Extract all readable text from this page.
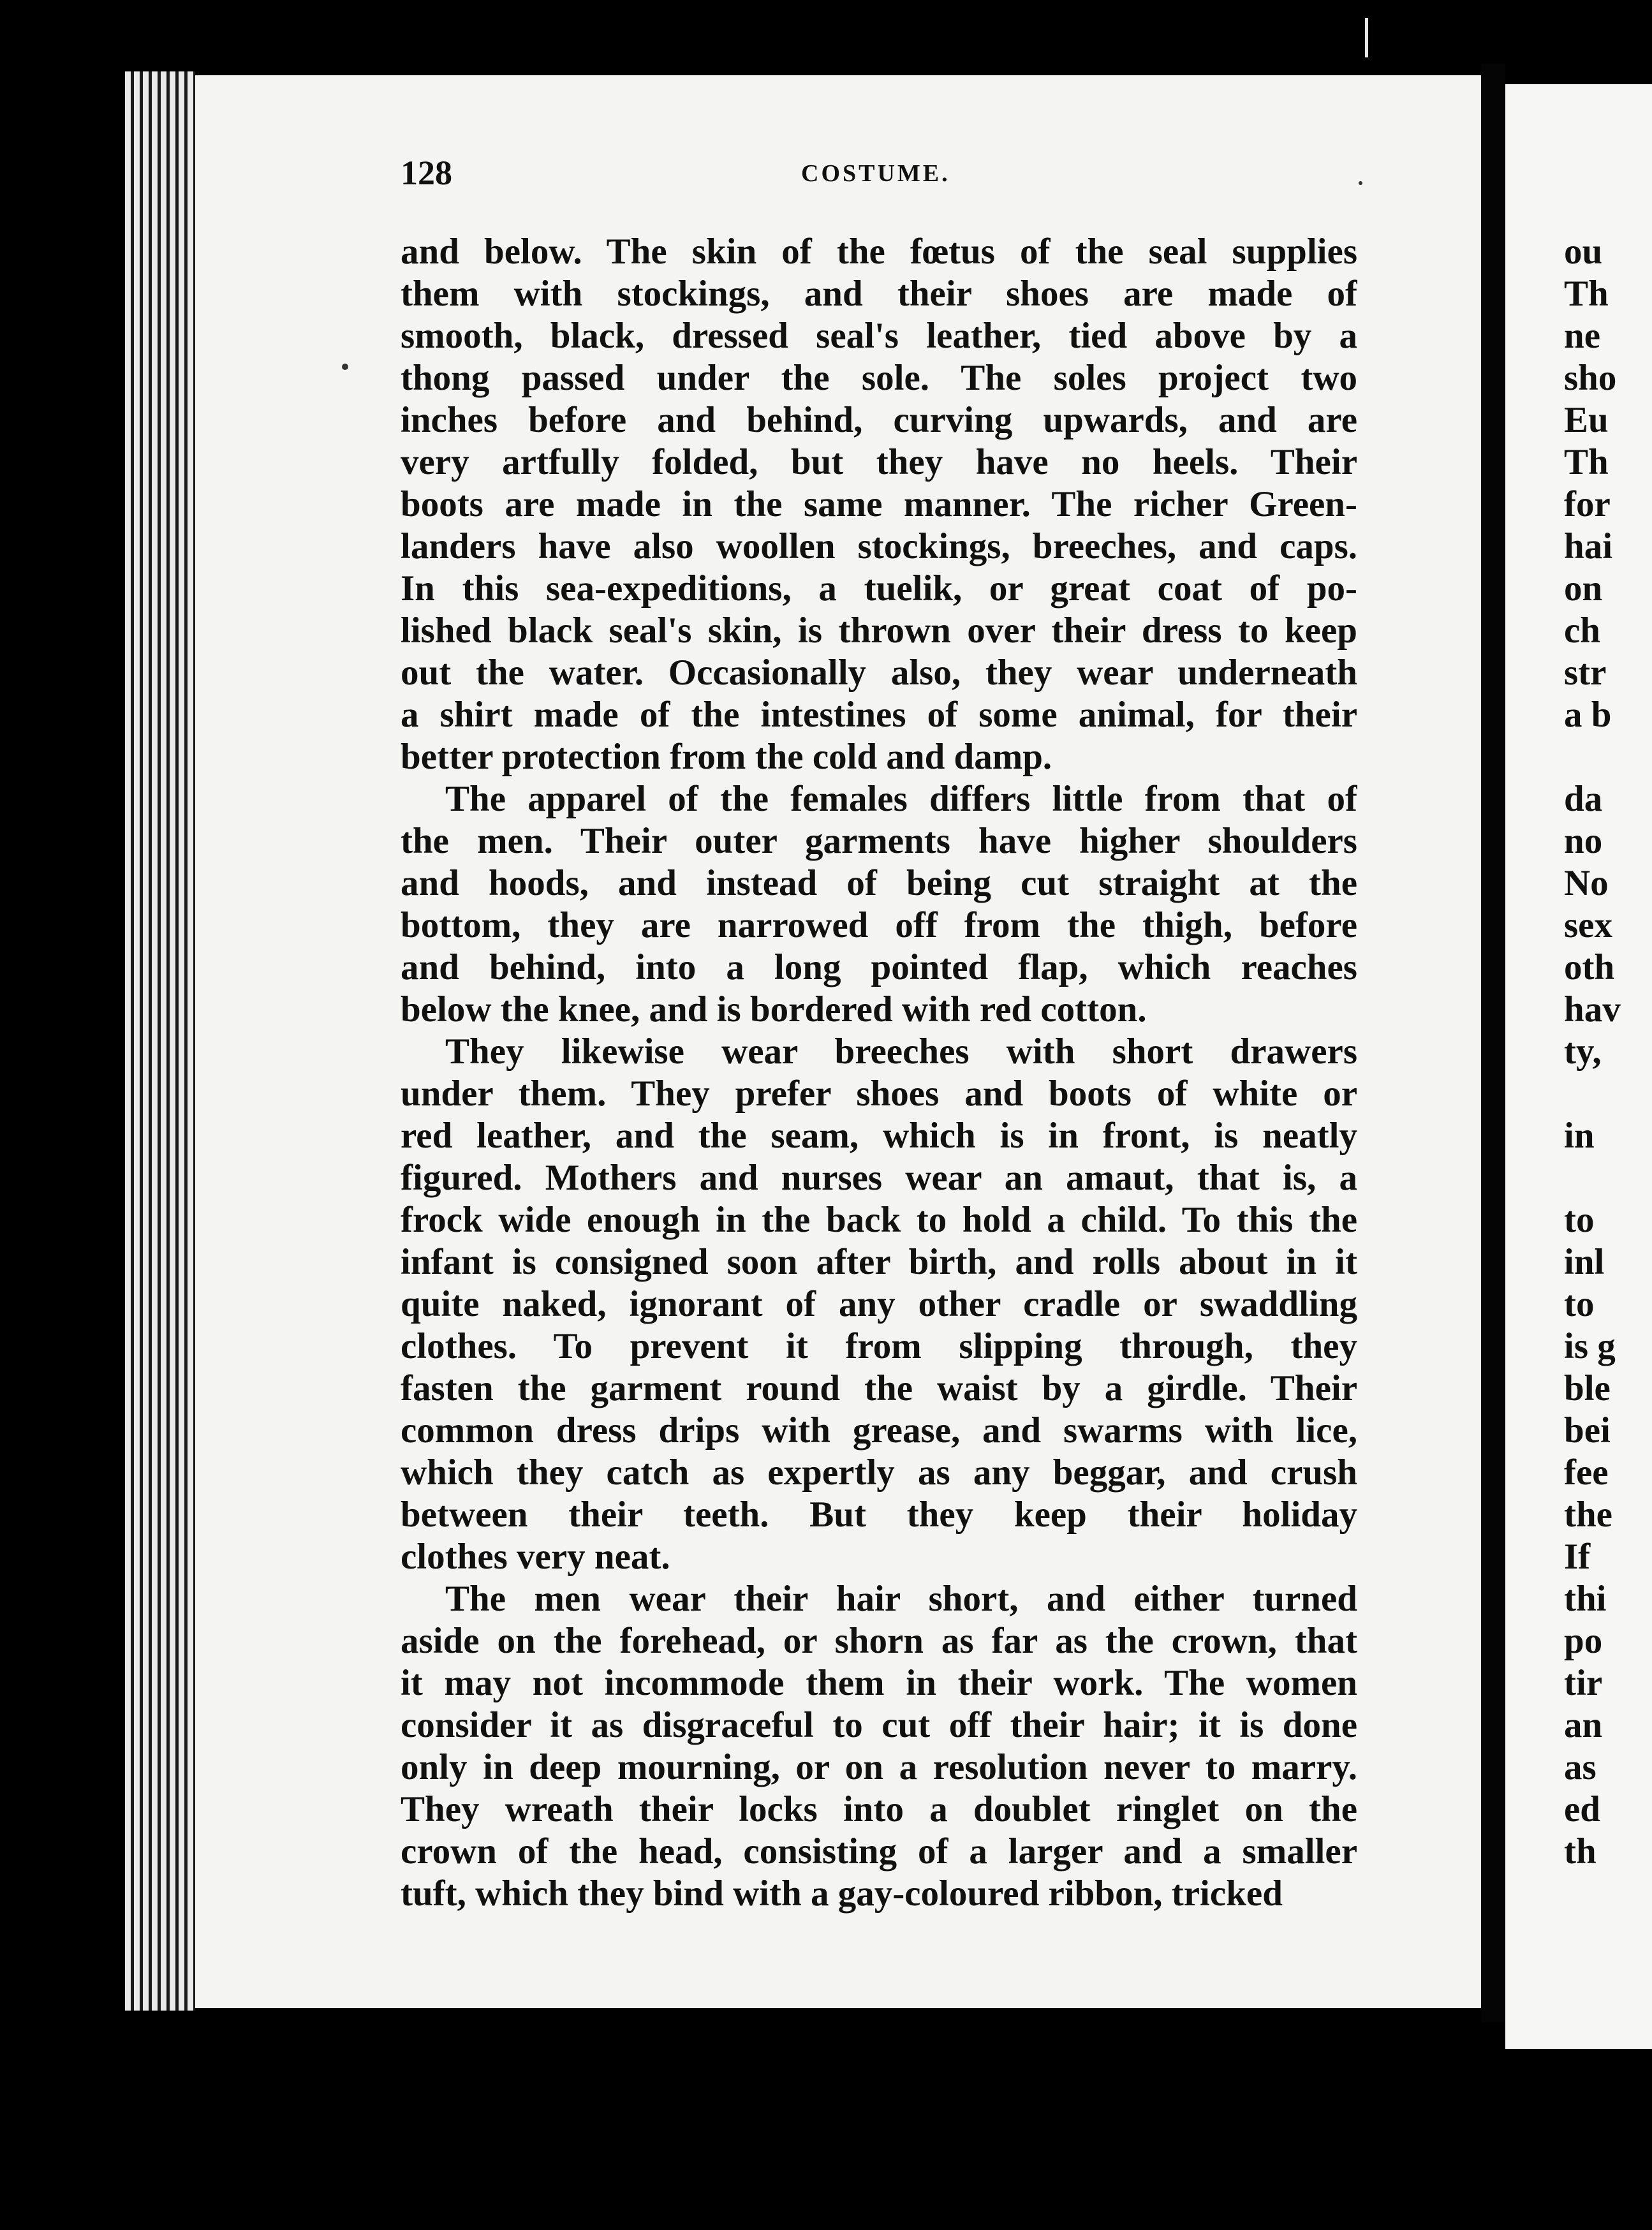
128	COSTUME.
and below. The skin of the fœtus of the seal supplies
them with stockings, and their shoes are made of
smooth, black, dressed seal's leather, tied above by a
thong passed under the sole. The soles project two
inches before and behind, curving upwards, and are
very artfully folded, but they have no heels. Their
boots are made in the same manner. The richer Green-
landers have also woollen stockings, breeches, and caps.
In this sea-expeditions, a tuelik, or great coat of po-
lished black seal's skin, is thrown over their dress to keep
out the water. Occasionally also, they wear underneath
a shirt made of the intestines of some animal, for their
better protection from the cold and damp.
The apparel of the females differs little from that of
the men. Their outer garments have higher shoulders
and hoods, and instead of being cut straight at the
bottom, they are narrowed off from the thigh, before
and behind, into a long pointed flap, which reaches
below the knee, and is bordered with red cotton.
They likewise wear breeches with short drawers
under them. They prefer shoes and boots of white or
red leather, and the seam, which is in front, is neatly
figured. Mothers and nurses wear an amaut, that is, a
frock wide enough in the back to hold a child. To this the
infant is consigned soon after birth, and rolls about in it
quite naked, ignorant of any other cradle or swaddling
clothes. To prevent it from slipping through, they
fasten the garment round the waist by a girdle. Their
common dress drips with grease, and swarms with lice,
which they catch as expertly as any beggar, and crush
between their teeth. But they keep their holiday
clothes very neat.
The men wear their hair short, and either turned
aside on the forehead, or shorn as far as the crown, that
it may not incommode them in their work. The women
consider it as disgraceful to cut off their hair; it is done
only in deep mourning, or on a resolution never to marry.
They wreath their locks into a doublet ringlet on the
crown of the head, consisting of a larger and a smaller
tuft, which they bind with a gay-coloured ribbon, tricked
ou
Th
ne
sho
Eu
Th
for
hai
on
ch
str
a b
da
no
No
sex
oth
hav
ty,
in
to
inl
to
is g
ble
bei
fee
the
If
thi
po
tir
an
as
ed
th
